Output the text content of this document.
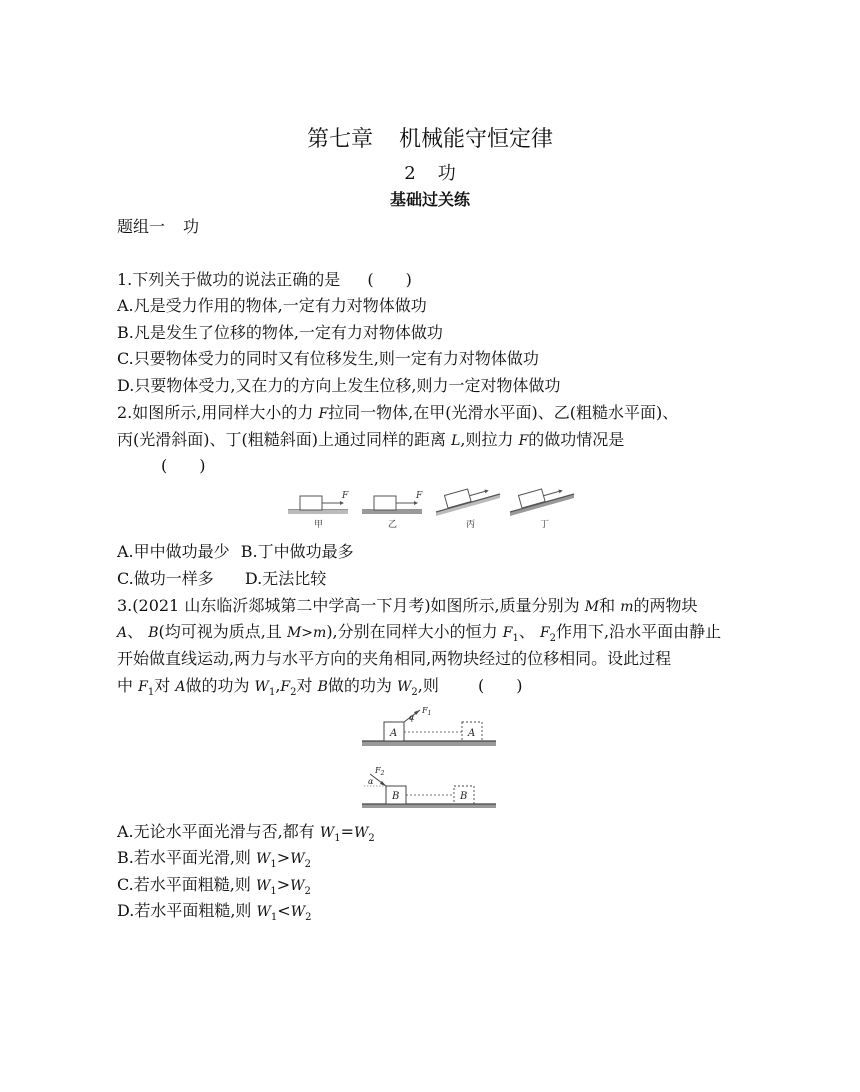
第七章 机械能守恒定律
2 功
基础过关练
题组一 功
1.下列关于做功的说法正确的是 (　　)
A.凡是受力作用的物体,一定有力对物体做功
B.凡是发生了位移的物体,一定有力对物体做功
C.只要物体受力的同时又有位移发生,则一定有力对物体做功
D.只要物体受力,又在力的方向上发生位移,则力一定对物体做功
2.如图所示,用同样大小的力 F拉同一物体,在甲(光滑水平面)、乙(粗糙水平面)、
丙(光滑斜面)、丁(粗糙斜面)上通过同样的距离 L,则拉力 F的做功情况是
(　　)
F
甲
F
乙	丙	丁
A.甲中做功最少 B.丁中做功最多
C.做功一样多 D.无法比较
3.(2021 山东临沂郯城第二中学高一下月考)如图所示,质量分别为 M和 m的两物块
A、 B(均可视为质点,且 M>m),分别在同样大小的恒力 $F_1$、 $F_2$作用下,沿水平面由静止
开始做直线运动,两力与水平方向的夹角相同,两物块经过的位移相同。设此过程
中 $F_1$对 A做的功为 $W_1,F_2$对 B做的功为 $W_2$,则 (　　)
A
α
$F_1$
A
B
α
$F_2$
B
A.无论水平面光滑与否,都有 $W_1=W_2$
B.若水平面光滑,则 $W_1>W_2$
C.若水平面粗糙,则 $W_1>W_2$
D.若水平面粗糙,则 $W_1<W_2$
